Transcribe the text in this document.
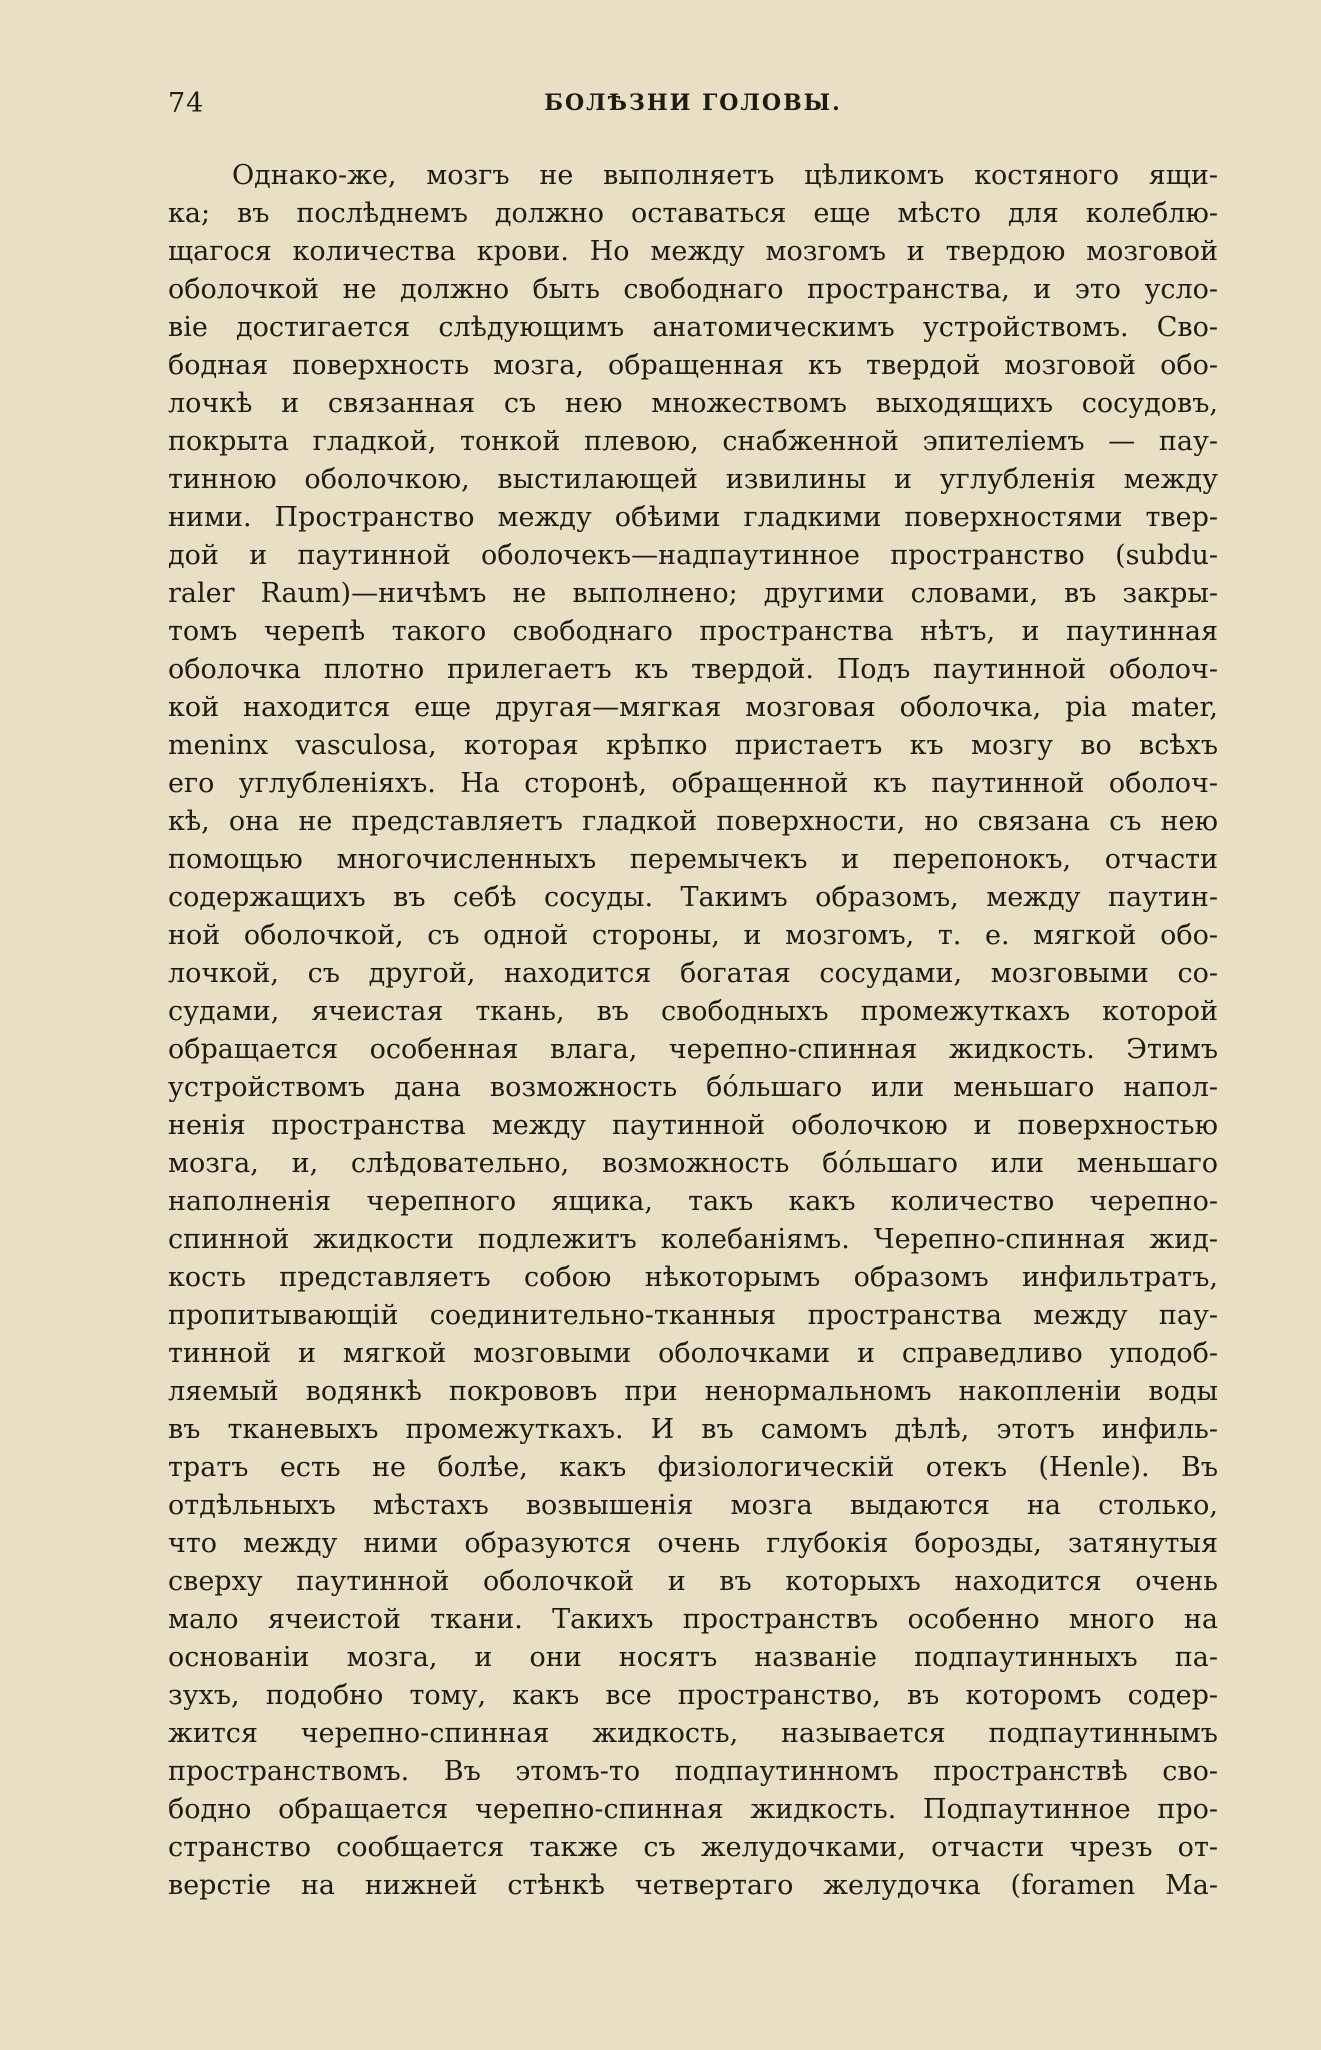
74	БОЛѢЗНИ ГОЛОВЫ.
Однако-же, мозгъ не выполняетъ цѣликомъ костяного ящи-
ка; въ послѣднемъ должно оставаться еще мѣсто для колеблю-
щагося количества крови. Но между мозгомъ и твердою мозговой
оболочкой не должно быть свободнаго пространства, и это усло-
віе достигается слѣдующимъ анатомическимъ устройствомъ. Сво-
бодная поверхность мозга, обращенная къ твердой мозговой обо-
лочкѣ и связанная съ нею множествомъ выходящихъ сосудовъ,
покрыта гладкой, тонкой плевою, снабженной эпителіемъ — пау-
тинною оболочкою, выстилающей извилины и углубленія между
ними. Пространство между обѣими гладкими поверхностями твер-
дой и паутинной оболочекъ—надпаутинное пространство (subdu-
raler Raum)—ничѣмъ не выполнено; другими словами, въ закры-
томъ черепѣ такого свободнаго пространства нѣтъ, и паутинная
оболочка плотно прилегаетъ къ твердой. Подъ паутинной оболоч-
кой находится еще другая—мягкая мозговая оболочка, pia mater,
meninx vasculosa, которая крѣпко пристаетъ къ мозгу во всѣхъ
его углубленіяхъ. На сторонѣ, обращенной къ паутинной оболоч-
кѣ, она не представляетъ гладкой поверхности, но связана съ нею
помощью многочисленныхъ перемычекъ и перепонокъ, отчасти
содержащихъ въ себѣ сосуды. Такимъ образомъ, между паутин-
ной оболочкой, съ одной стороны, и мозгомъ, т. е. мягкой обо-
лочкой, съ другой, находится богатая сосудами, мозговыми со-
судами, ячеистая ткань, въ свободныхъ промежуткахъ которой
обращается особенная влага, черепно-спинная жидкость. Этимъ
устройствомъ дана возможность бо́льшаго или меньшаго напол-
ненія пространства между паутинной оболочкою и поверхностью
мозга, и, слѣдовательно, возможность бо́льшаго или меньшаго
наполненія черепного ящика, такъ какъ количество черепно-
спинной жидкости подлежитъ колебаніямъ. Черепно-спинная жид-
кость представляетъ собою нѣкоторымъ образомъ инфильтратъ,
пропитывающій соединительно-тканныя пространства между пау-
тинной и мягкой мозговыми оболочками и справедливо уподоб-
ляемый водянкѣ покрововъ при ненормальномъ накопленіи воды
въ тканевыхъ промежуткахъ. И въ самомъ дѣлѣ, этотъ инфиль-
тратъ есть не болѣе, какъ физіологическій отекъ (Henle). Въ
отдѣльныхъ мѣстахъ возвышенія мозга выдаются на столько,
что между ними образуются очень глубокія борозды, затянутыя
сверху паутинной оболочкой и въ которыхъ находится очень
мало ячеистой ткани. Такихъ пространствъ особенно много на
основаніи мозга, и они носятъ названіе подпаутинныхъ па-
зухъ, подобно тому, какъ все пространство, въ которомъ содер-
жится черепно-спинная жидкость, называется подпаутиннымъ
пространствомъ. Въ этомъ-то подпаутинномъ пространствѣ сво-
бодно обращается черепно-спинная жидкость. Подпаутинное про-
странство сообщается также съ желудочками, отчасти чрезъ от-
верстіе на нижней стѣнкѣ четвертаго желудочка (foramen Ма-
